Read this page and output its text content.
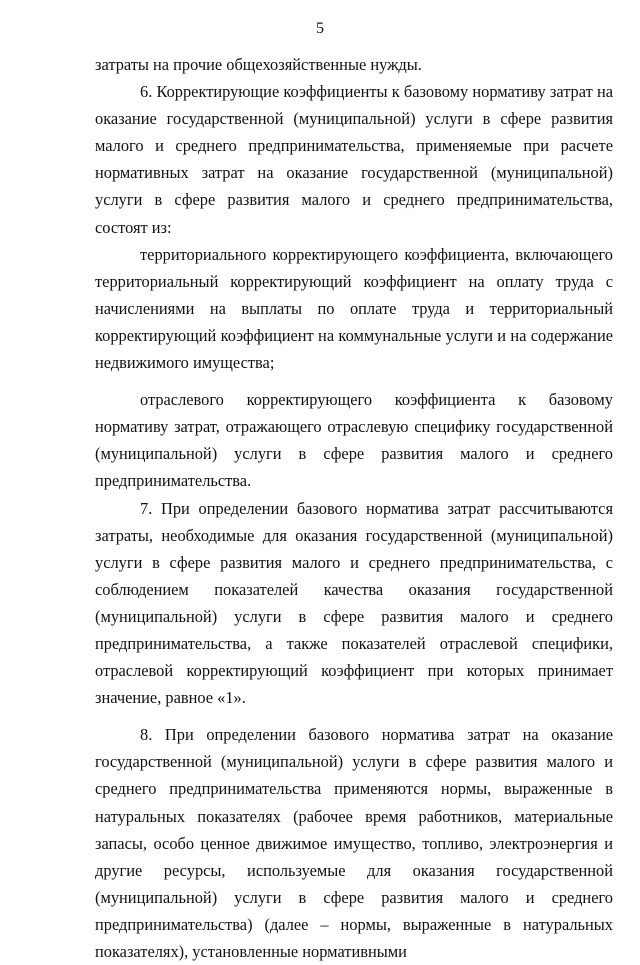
5

затраты на прочие общехозяйственные нужды.

6. Корректирующие коэффициенты к базовому нормативу затрат на оказание государственной (муниципальной) услуги в сфере развития малого и среднего предпринимательства, применяемые при расчете нормативных затрат на оказание государственной (муниципальной) услуги в сфере развития малого и среднего предпринимательства, состоят из:

территориального корректирующего коэффициента, включающего территориальный корректирующий коэффициент на оплату труда с начислениями на выплаты по оплате труда и территориальный корректирующий коэффициент на коммунальные услуги и на содержание недвижимого имущества;

отраслевого корректирующего коэффициента к базовому нормативу затрат, отражающего отраслевую специфику государственной (муниципальной) услуги в сфере развития малого и среднего предпринимательства.

7. При определении базового норматива затрат рассчитываются затраты, необходимые для оказания государственной (муниципальной) услуги в сфере развития малого и среднего предпринимательства, с соблюдением показателей качества оказания государственной (муниципальной) услуги в сфере развития малого и среднего предпринимательства, а также показателей отраслевой специфики, отраслевой корректирующий коэффициент при которых принимает значение, равное «1».

8. При определении базового норматива затрат на оказание государственной (муниципальной) услуги в сфере развития малого и среднего предпринимательства применяются нормы, выраженные в натуральных показателях (рабочее время работников, материальные запасы, особо ценное движимое имущество, топливо, электроэнергия и другие ресурсы, используемые для оказания государственной (муниципальной) услуги в сфере развития малого и среднего предпринимательства) (далее – нормы, выраженные в натуральных показателях), установленные нормативными
